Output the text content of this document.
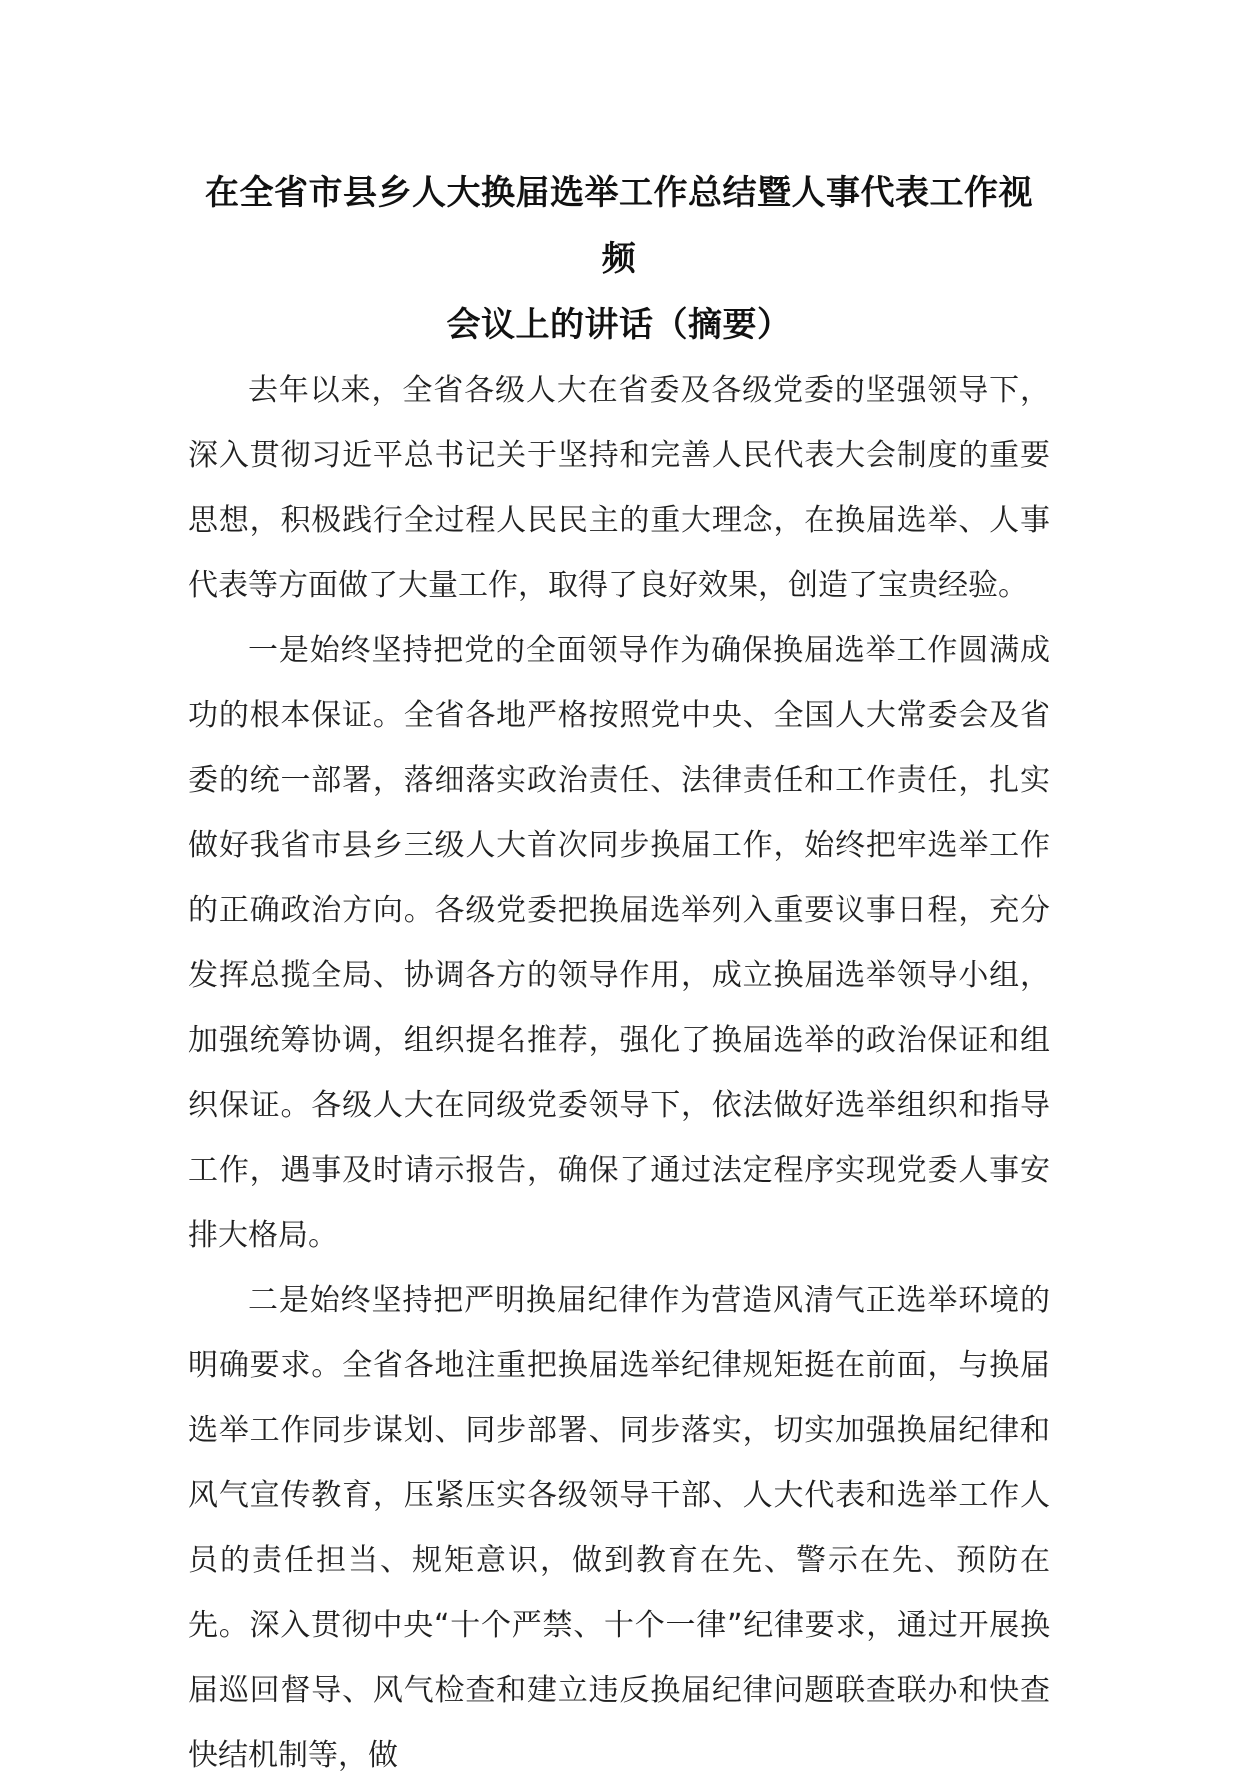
在全省市县乡人大换届选举工作总结暨人事代表工作视频
会议上的讲话（摘要）

去年以来，全省各级人大在省委及各级党委的坚强领导下，深入贯彻习近平总书记关于坚持和完善人民代表大会制度的重要思想，积极践行全过程人民民主的重大理念，在换届选举、人事代表等方面做了大量工作，取得了良好效果，创造了宝贵经验。

一是始终坚持把党的全面领导作为确保换届选举工作圆满成功的根本保证。全省各地严格按照党中央、全国人大常委会及省委的统一部署，落细落实政治责任、法律责任和工作责任，扎实做好我省市县乡三级人大首次同步换届工作，始终把牢选举工作的正确政治方向。各级党委把换届选举列入重要议事日程，充分发挥总揽全局、协调各方的领导作用，成立换届选举领导小组，加强统筹协调，组织提名推荐，强化了换届选举的政治保证和组织保证。各级人大在同级党委领导下，依法做好选举组织和指导工作，遇事及时请示报告，确保了通过法定程序实现党委人事安排大格局。

二是始终坚持把严明换届纪律作为营造风清气正选举环境的明确要求。全省各地注重把换届选举纪律规矩挺在前面，与换届选举工作同步谋划、同步部署、同步落实，切实加强换届纪律和风气宣传教育，压紧压实各级领导干部、人大代表和选举工作人员的责任担当、规矩意识，做到教育在先、警示在先、预防在先。深入贯彻中央“十个严禁、十个一律”纪律要求，通过开展换届巡回督导、风气检查和建立违反换届纪律问题联查联办和快查快结机制等，做
